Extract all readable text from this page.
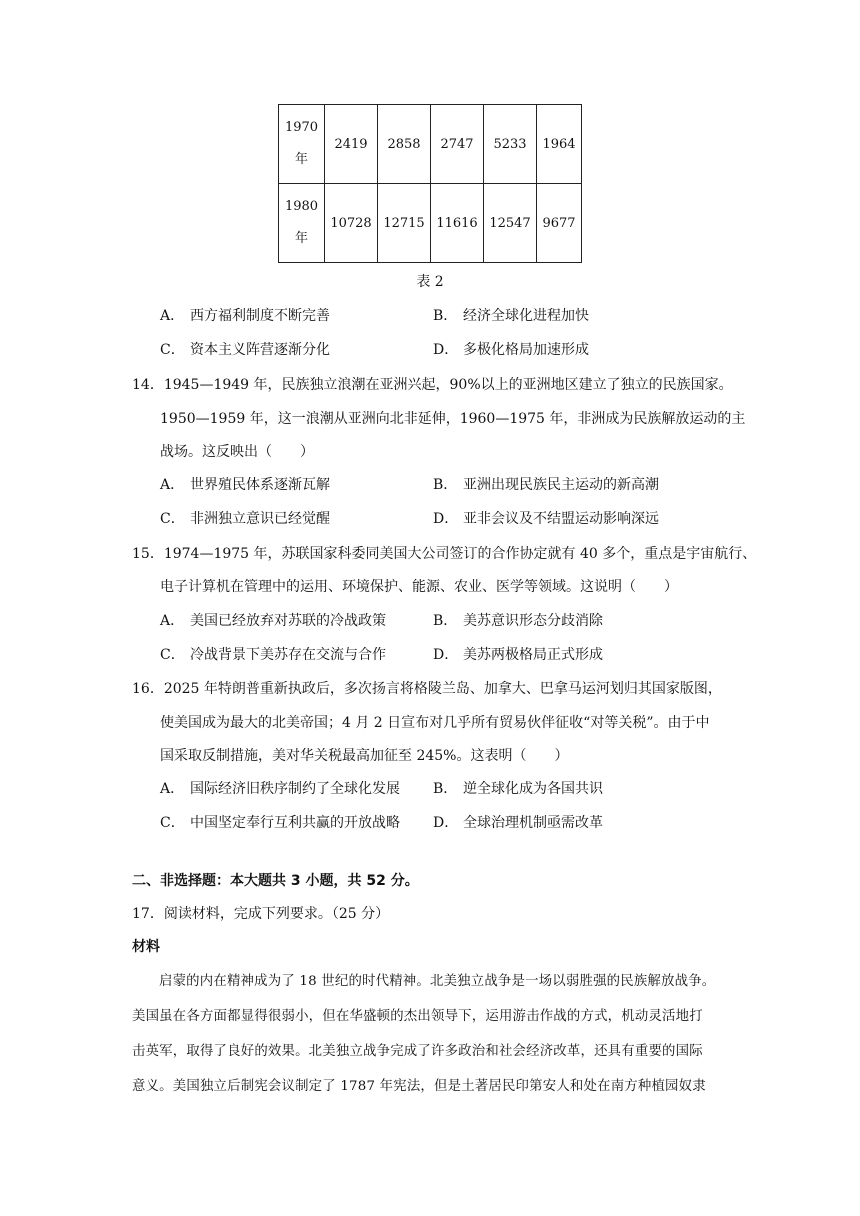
1970
年	2419	2858	2747	5233	1964
1980
年	10728	12715	11616	12547	9677
表 2
A． 西方福利制度不断完善	B． 经济全球化进程加快
C． 资本主义阵营逐渐分化	D． 多极化格局加速形成
14．1945—1949 年，民族独立浪潮在亚洲兴起，90%以上的亚洲地区建立了独立的民族国家。
1950—1959 年，这一浪潮从亚洲向北非延伸，1960—1975 年，非洲成为民族解放运动的主
战场。这反映出（　　）
A． 世界殖民体系逐渐瓦解	B． 亚洲出现民族民主运动的新高潮
C． 非洲独立意识已经觉醒	D． 亚非会议及不结盟运动影响深远
15．1974—1975 年，苏联国家科委同美国大公司签订的合作协定就有 40 多个，重点是宇宙航行、
电子计算机在管理中的运用、环境保护、能源、农业、医学等领域。这说明（　　）
A． 美国已经放弃对苏联的冷战政策	B． 美苏意识形态分歧消除
C． 冷战背景下美苏存在交流与合作	D． 美苏两极格局正式形成
16．2025 年特朗普重新执政后，多次扬言将格陵兰岛、加拿大、巴拿马运河划归其国家版图，
使美国成为最大的北美帝国；4 月 2 日宣布对几乎所有贸易伙伴征收“对等关税”。由于中
国采取反制措施，美对华关税最高加征至 245%。这表明（　　）
A． 国际经济旧秩序制约了全球化发展 B． 逆全球化成为各国共识
C． 中国坚定奉行互利共赢的开放战略 D． 全球治理机制亟需改革
二、非选择题：本大题共 3 小题，共 52 分。
17．阅读材料，完成下列要求。（25 分）
材料
启蒙的内在精神成为了 18 世纪的时代精神。北美独立战争是一场以弱胜强的民族解放战争。
美国虽在各方面都显得很弱小，但在华盛顿的杰出领导下，运用游击作战的方式，机动灵活地打
击英军，取得了良好的效果。北美独立战争完成了许多政治和社会经济改革，还具有重要的国际
意义。美国独立后制宪会议制定了 1787 年宪法，但是土著居民印第安人和处在南方种植园奴隶
